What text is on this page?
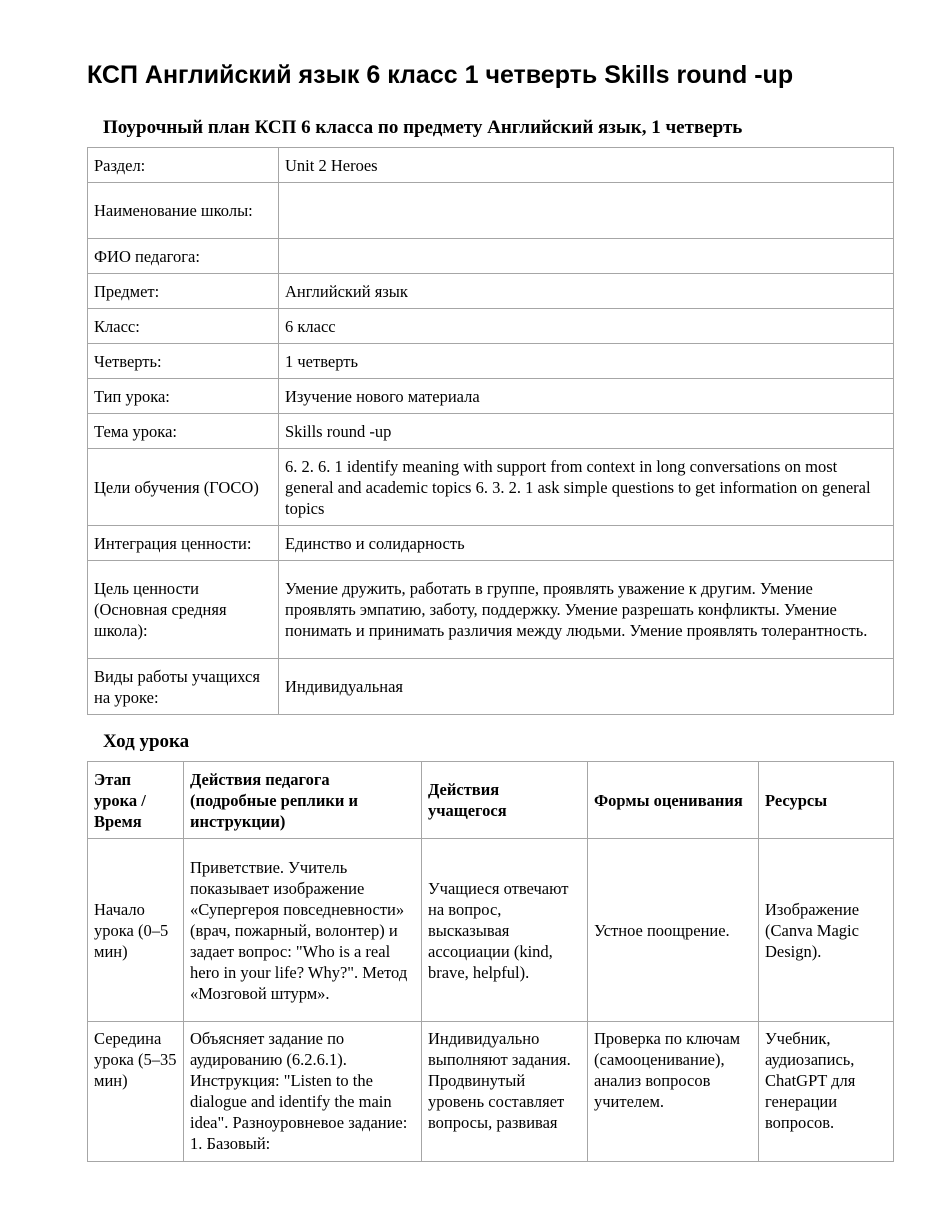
КСП Английский язык 6 класс 1 четверть Skills round -up
Поурочный план КСП 6 класса по предмету Английский язык, 1 четверть
Раздел:	Unit 2 Heroes
Наименование школы:	
ФИО педагога:	
Предмет:	Английский язык
Класс:	6 класс
Четверть:	1 четверть
Тип урока:	Изучение нового материала
Тема урока:	Skills round -up
Цели обучения (ГОСО)	6. 2. 6. 1 identify meaning with support from context in long conversations on most general and academic topics 6. 3. 2. 1 ask simple questions to get information on general topics
Интеграция ценности:	Единство и солидарность
Цель ценности (Основная средняя школа):	Умение дружить, работать в группе, проявлять уважение к другим. Умение проявлять эмпатию, заботу, поддержку. Умение разрешать конфликты. Умение понимать и принимать различия между людьми. Умение проявлять толерантность.
Виды работы учащихся на уроке:	Индивидуальная
Ход урока
Этап урока / Время	Действия педагога (подробные реплики и инструкции)	Действия учащегося	Формы оценивания	Ресурсы
Начало урока (0–5 мин)	Приветствие. Учитель показывает изображение «Супергероя повседневности» (врач, пожарный, волонтер) и задает вопрос: "Who is a real hero in your life? Why?". Метод «Мозговой штурм».	Учащиеся отвечают на вопрос, высказывая ассоциации (kind, brave, helpful).	Устное поощрение.	Изображение (Canva Magic Design).
Середина урока (5–35 мин)	Объясняет задание по аудированию (6.2.6.1). Инструкция: "Listen to the dialogue and identify the main idea". Разноуровневое задание: 1. Базовый:	Индивидуально выполняют задания. Продвинутый уровень составляет вопросы, развивая	Проверка по ключам (самооценивание), анализ вопросов учителем.	Учебник, аудиозапись, ChatGPT для генерации вопросов.
